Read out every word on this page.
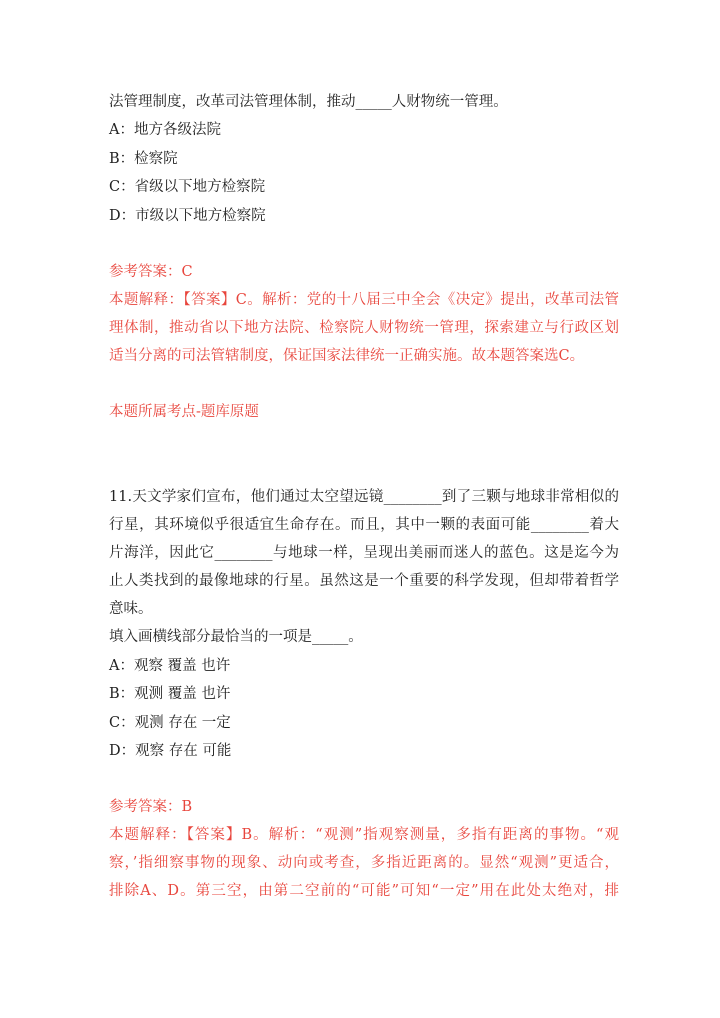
法管理制度，改革司法管理体制，推动_____人财物统一管理。
A：地方各级法院
B：检察院
C：省级以下地方检察院
D：市级以下地方检察院
参考答案：C
本题解释：【答案】C。解析：党的十八届三中全会《决定》提出，改革司法管
理体制，推动省以下地方法院、检察院人财物统一管理，探索建立与行政区划
适当分离的司法管辖制度，保证国家法律统一正确实施。故本题答案选C。
本题所属考点-题库原题
11.天文学家们宣布，他们通过太空望远镜________到了三颗与地球非常相似的
行星，其环境似乎很适宜生命存在。而且，其中一颗的表面可能________着大
片海洋，因此它________与地球一样，呈现出美丽而迷人的蓝色。这是迄今为
止人类找到的最像地球的行星。虽然这是一个重要的科学发现，但却带着哲学
意味。
填入画横线部分最恰当的一项是_____。
A：观察 覆盖 也许
B：观测 覆盖 也许
C：观测 存在 一定
D：观察 存在 可能
参考答案：B
本题解释：【答案】B。解析：“观测”指观察测量，多指有距离的事物。“观
察，’指细察事物的现象、动向或考查，多指近距离的。显然“观测”更适合，
排除A、D。第三空，由第二空前的“可能”可知“一定”用在此处太绝对，排
